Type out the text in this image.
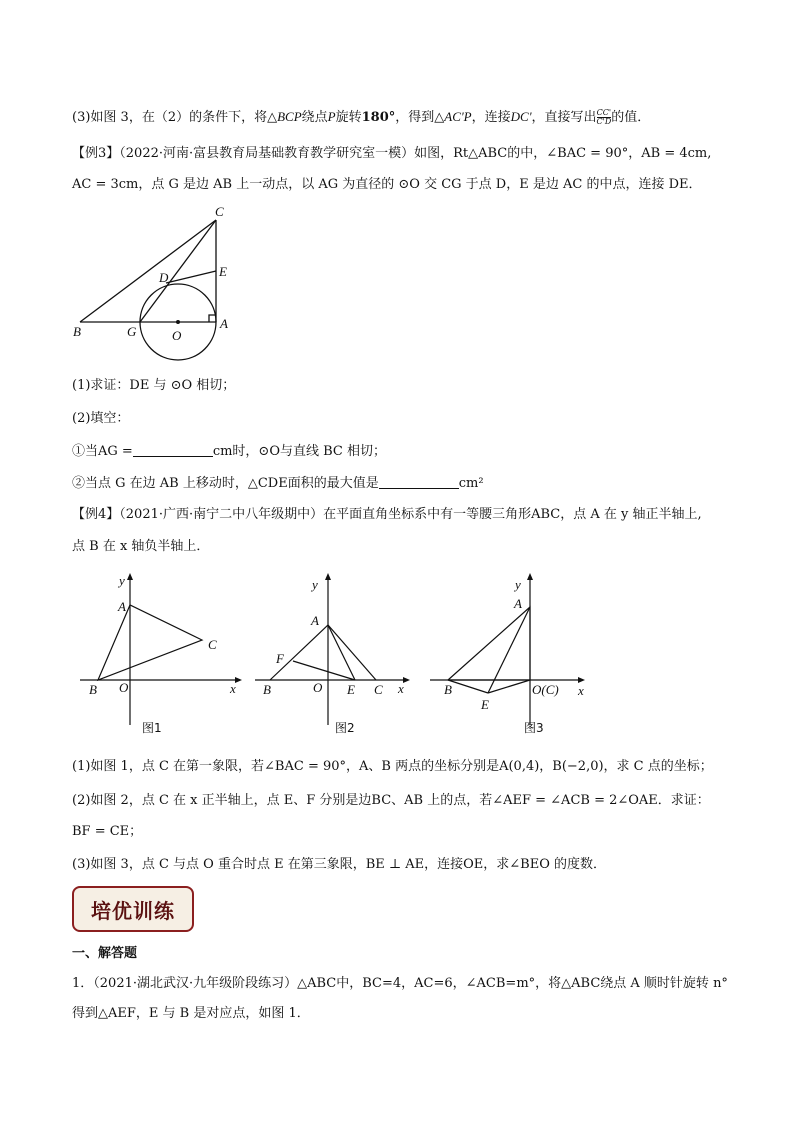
(3)如图 3，在（2）的条件下，将△BCP绕点P旋转180°，得到△AC'P，连接DC'，直接写出 $\frac{CC'}{C'D}$ 的值．
【例3】（2022·河南·富县教育局基础教育教学研究室一模）如图，Rt△ABC的中，∠BAC = 90°，AB = 4cm,
AC = 3cm，点 G 是边 AB 上一动点，以 AG 为直径的 ⊙O 交 CG 于点 D，E 是边 AC 的中点，连接 DE．
C
E
D
B	G	O
A
(1)求证：DE 与 ⊙O 相切；
(2)填空：
①当AG =	cm时，⊙O与直线 BC 相切；
②当点 G 在边 AB 上移动时，△CDE面积的最大值是	cm²
【例4】（2021·广西·南宁二中八年级期中）在平面直角坐标系中有一等腰三角形ABC，点 A 在 y 轴正半轴上,
点 B 在 x 轴负半轴上．
y
A
C
B O	x
图1
y
A
F
B	O E C x
图2
y
A
B
E
O(C) x
图3
(1)如图 1，点 C 在第一象限，若∠BAC = 90°，A、B 两点的坐标分别是A(0,4)，B(−2,0)，求 C 点的坐标；
(2)如图 2，点 C 在 x 正半轴上，点 E、F 分别是边BC、AB 上的点，若∠AEF = ∠ACB = 2∠OAE．求证：
BF = CE；
(3)如图 3，点 C 与点 O 重合时点 E 在第三象限，BE ⊥ AE，连接OE，求∠BEO 的度数．
培优训练
一、解答题
1．（2021·湖北武汉·九年级阶段练习）△ABC中，BC=4，AC=6，∠ACB=m°，将△ABC绕点 A 顺时针旋转 n°
得到△AEF，E 与 B 是对应点，如图 1．
